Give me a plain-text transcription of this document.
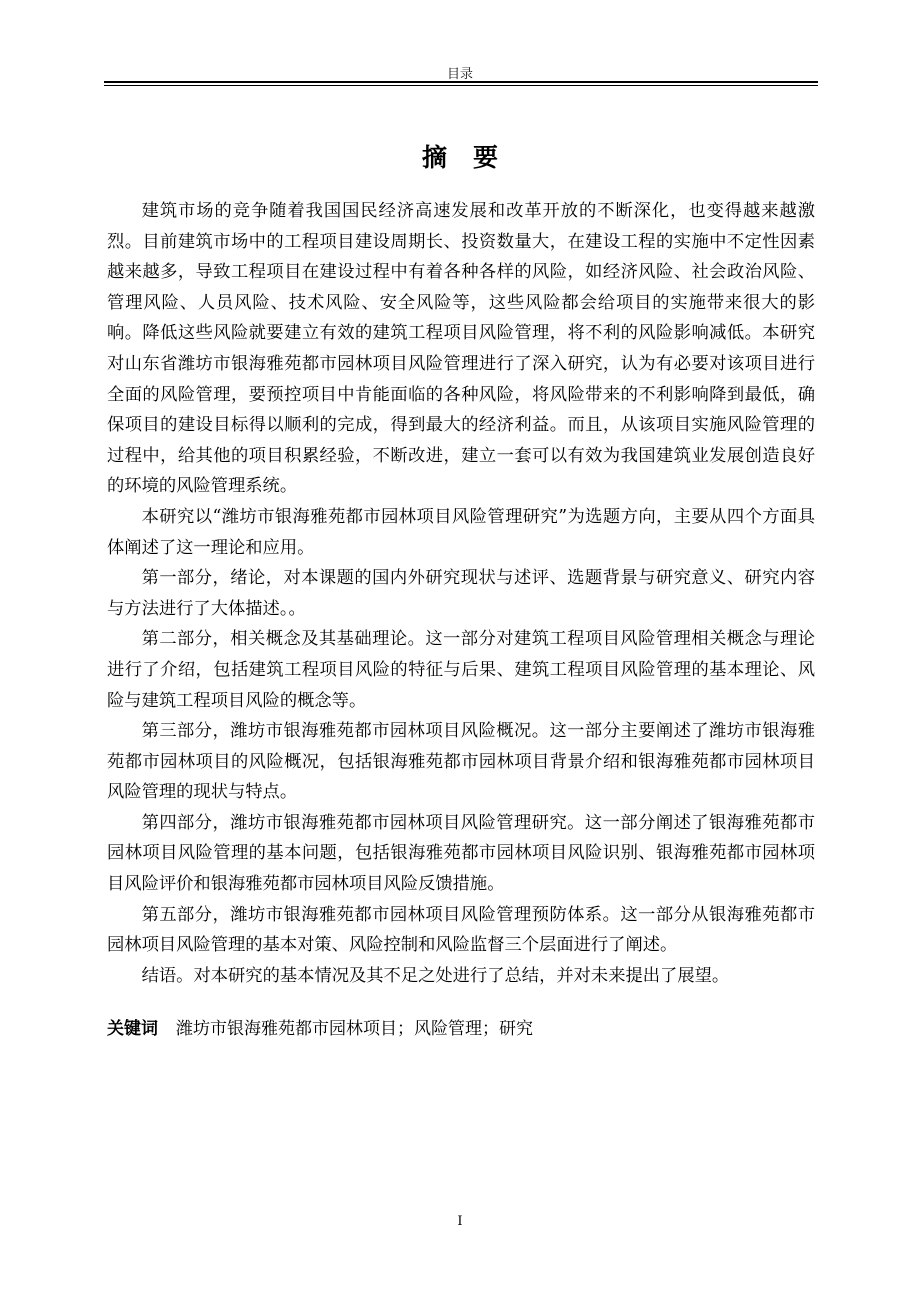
目录
摘要

建筑市场的竞争随着我国国民经济高速发展和改革开放的不断深化，也变得越来越激烈。目前建筑市场中的工程项目建设周期长、投资数量大，在建设工程的实施中不定性因素越来越多，导致工程项目在建设过程中有着各种各样的风险，如经济风险、社会政治风险、管理风险、人员风险、技术风险、安全风险等，这些风险都会给项目的实施带来很大的影响。降低这些风险就要建立有效的建筑工程项目风险管理，将不利的风险影响减低。本研究对山东省潍坊市银海雅苑都市园林项目风险管理进行了深入研究，认为有必要对该项目进行全面的风险管理，要预控项目中肯能面临的各种风险，将风险带来的不利影响降到最低，确保项目的建设目标得以顺利的完成，得到最大的经济利益。而且，从该项目实施风险管理的过程中，给其他的项目积累经验，不断改进，建立一套可以有效为我国建筑业发展创造良好的环境的风险管理系统。

本研究以“潍坊市银海雅苑都市园林项目风险管理研究”为选题方向，主要从四个方面具体阐述了这一理论和应用。

第一部分，绪论，对本课题的国内外研究现状与述评、选题背景与研究意义、研究内容与方法进行了大体描述。。

第二部分，相关概念及其基础理论。这一部分对建筑工程项目风险管理相关概念与理论进行了介绍，包括建筑工程项目风险的特征与后果、建筑工程项目风险管理的基本理论、风险与建筑工程项目风险的概念等。

第三部分，潍坊市银海雅苑都市园林项目风险概况。这一部分主要阐述了潍坊市银海雅苑都市园林项目的风险概况，包括银海雅苑都市园林项目背景介绍和银海雅苑都市园林项目风险管理的现状与特点。

第四部分，潍坊市银海雅苑都市园林项目风险管理研究。这一部分阐述了银海雅苑都市园林项目风险管理的基本问题，包括银海雅苑都市园林项目风险识别、银海雅苑都市园林项目风险评价和银海雅苑都市园林项目风险反馈措施。

第五部分，潍坊市银海雅苑都市园林项目风险管理预防体系。这一部分从银海雅苑都市园林项目风险管理的基本对策、风险控制和风险监督三个层面进行了阐述。

结语。对本研究的基本情况及其不足之处进行了总结，并对未来提出了展望。

关键词 潍坊市银海雅苑都市园林项目；风险管理；研究
I
